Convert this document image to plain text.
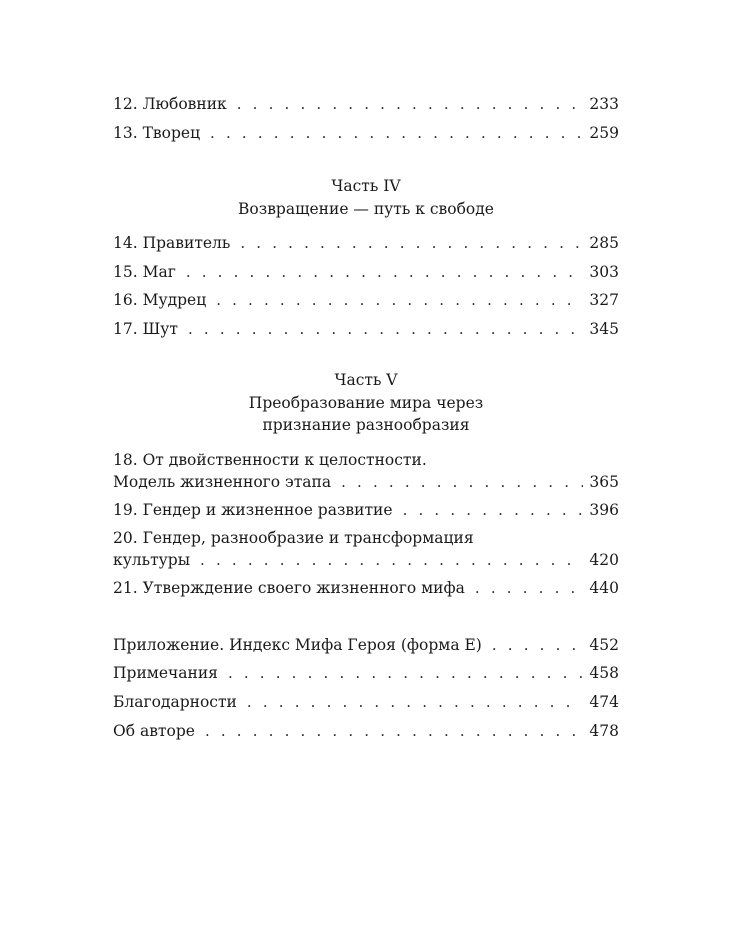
12. Любовник . . .	233
13. Творец . . .	259
Часть IV
Возвращение — путь к свободе
14. Правитель . . .	285
15. Маг . . .	303
16. Мудрец . . .	327
17. Шут . . .	345
Часть V
Преобразование мира через
признание разнообразия
18. От двойственности к целостности.
Модель жизненного этапа . . .	365
19. Гендер и жизненное развитие . . .	396
20. Гендер, разнообразие и трансформация
культуры . . .	420
21. Утверждение своего жизненного мифа . . .	440
Приложение. Индекс Мифа Героя (форма E) . . .	452
Примечания . . .	458
Благодарности . . .	474
Об авторе . . .	478
